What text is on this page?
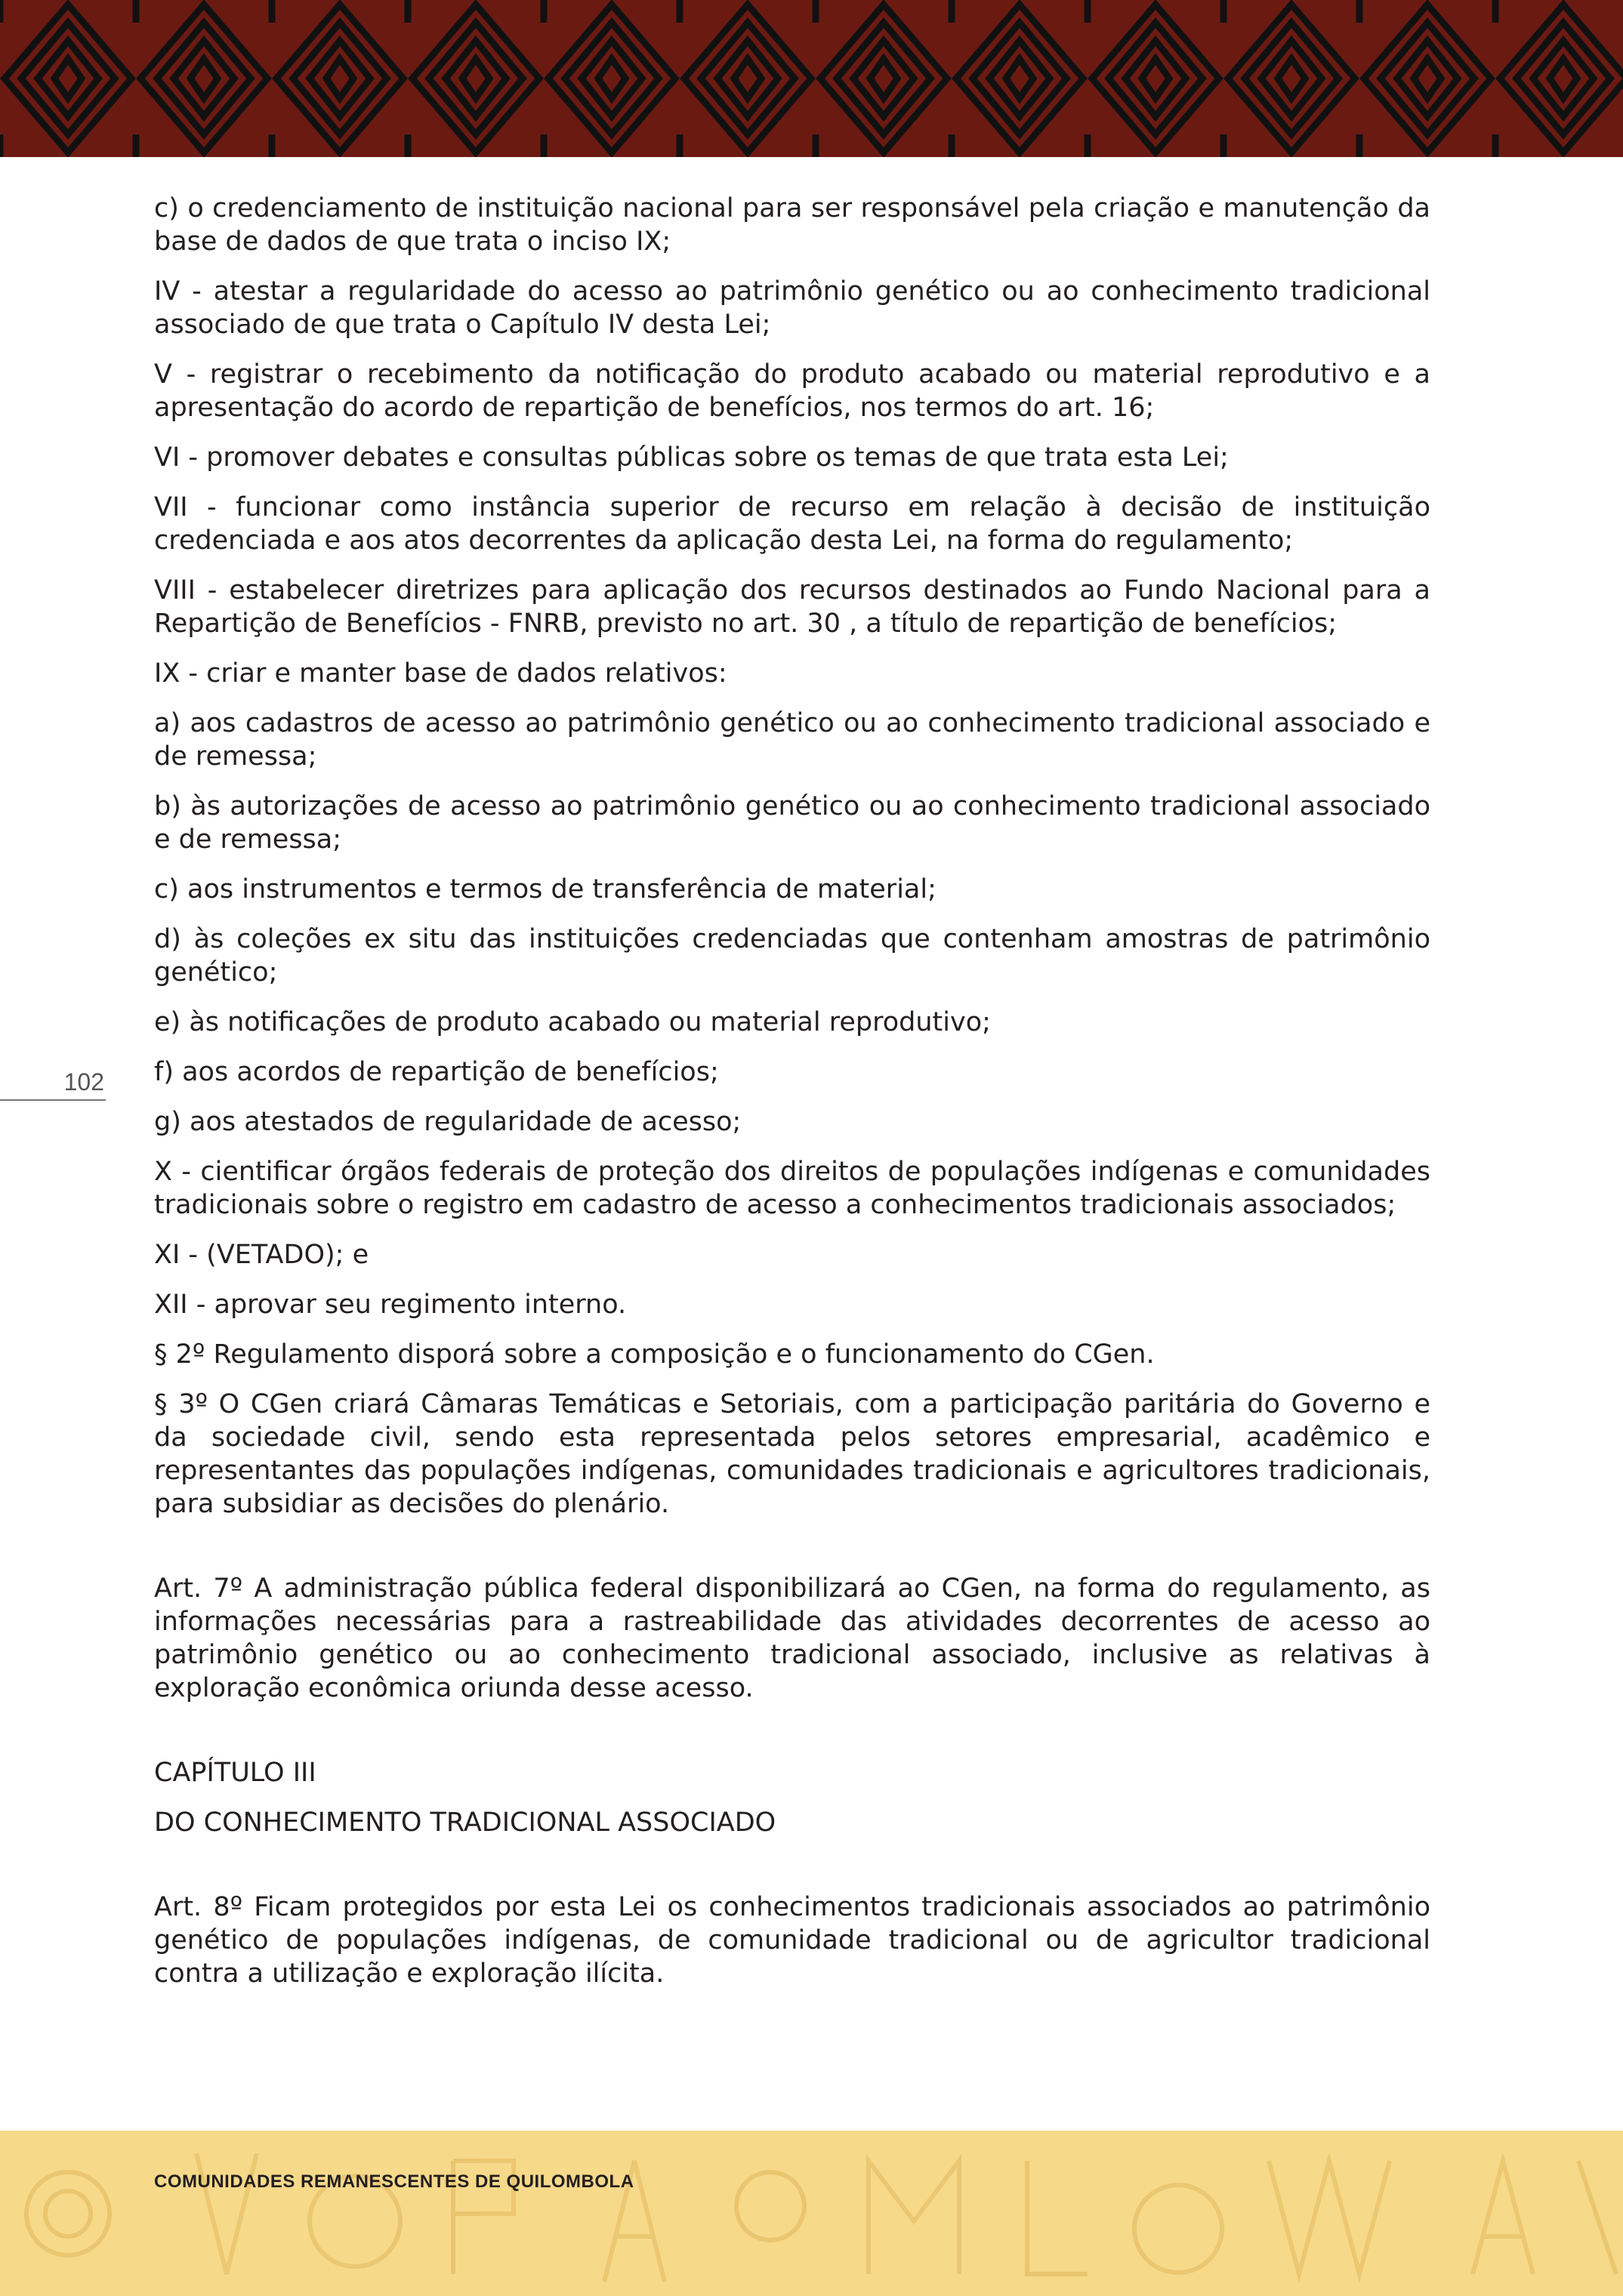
102

c) o credenciamento de instituição nacional para ser responsável pela criação e manutenção da base de dados de que trata o inciso IX;

IV - atestar a regularidade do acesso ao patrimônio genético ou ao conhecimento tradicional associado de que trata o Capítulo IV desta Lei;

V - registrar o recebimento da notificação do produto acabado ou material reprodutivo e a apresentação do acordo de repartição de benefícios, nos termos do art. 16;

VI - promover debates e consultas públicas sobre os temas de que trata esta Lei;

VII - funcionar como instância superior de recurso em relação à decisão de instituição credenciada e aos atos decorrentes da aplicação desta Lei, na forma do regulamento;

VIII - estabelecer diretrizes para aplicação dos recursos destinados ao Fundo Nacional para a Repartição de Benefícios - FNRB, previsto no art. 30 , a título de repartição de benefícios;

IX - criar e manter base de dados relativos:

a) aos cadastros de acesso ao patrimônio genético ou ao conhecimento tradicional associado e de remessa;

b) às autorizações de acesso ao patrimônio genético ou ao conhecimento tradicional associado e de remessa;

c) aos instrumentos e termos de transferência de material;

d) às coleções ex situ das instituições credenciadas que contenham amostras de patrimônio genético;

e) às notificações de produto acabado ou material reprodutivo;

f) aos acordos de repartição de benefícios;

g) aos atestados de regularidade de acesso;

X - cientificar órgãos federais de proteção dos direitos de populações indígenas e comunidades tradicionais sobre o registro em cadastro de acesso a conhecimentos tradicionais associados;

XI - (VETADO); e

XII - aprovar seu regimento interno.

§ 2º Regulamento disporá sobre a composição e o funcionamento do CGen.

§ 3º O CGen criará Câmaras Temáticas e Setoriais, com a participação paritária do Governo e da sociedade civil, sendo esta representada pelos setores empresarial, acadêmico e representantes das populações indígenas, comunidades tradicionais e agricultores tradicionais, para subsidiar as decisões do plenário.

Art. 7º A administração pública federal disponibilizará ao CGen, na forma do regulamento, as informações necessárias para a rastreabilidade das atividades decorrentes de acesso ao patrimônio genético ou ao conhecimento tradicional associado, inclusive as relativas à exploração econômica oriunda desse acesso.

CAPÍTULO III

DO CONHECIMENTO TRADICIONAL ASSOCIADO

Art. 8º Ficam protegidos por esta Lei os conhecimentos tradicionais associados ao patrimônio genético de populações indígenas, de comunidade tradicional ou de agricultor tradicional contra a utilização e exploração ilícita.

COMUNIDADES REMANESCENTES DE QUILOMBOLA
